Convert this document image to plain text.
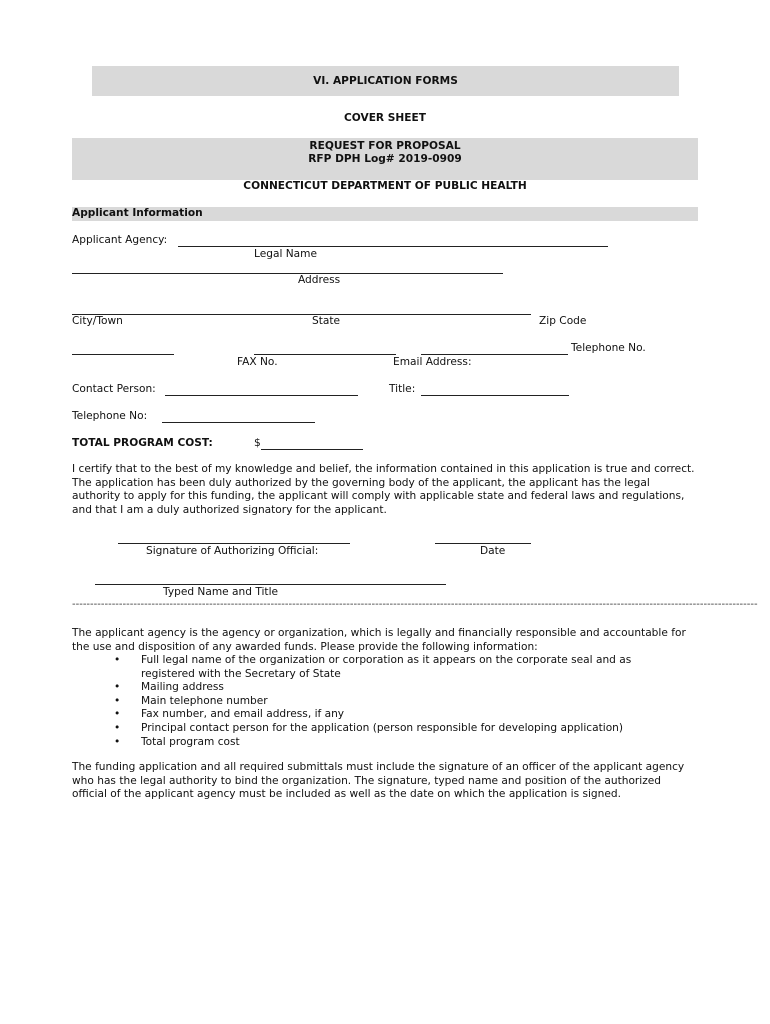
VI. APPLICATION FORMS
COVER SHEET
REQUEST FOR PROPOSAL
RFP DPH Log# 2019-0909
CONNECTICUT DEPARTMENT OF PUBLIC HEALTH
Applicant Information
Applicant Agency:
Legal Name
Address
City/Town	State	Zip Code
Telephone No.
FAX No.	Email Address:
Contact Person:	Title:
Telephone No:
TOTAL PROGRAM COST:	$
I certify that to the best of my knowledge and belief, the information contained in this application is true and correct. The application has been duly authorized by the governing body of the applicant, the applicant has the legal authority to apply for this funding, the applicant will comply with applicable state and federal laws and regulations, and that I am a duly authorized signatory for the applicant.
Signature of Authorizing Official:	Date
Typed Name and Title
----------------------------------------------------------------------------------------------------------------------------------------------------------------------------------------------
The applicant agency is the agency or organization, which is legally and financially responsible and accountable for the use and disposition of any awarded funds. Please provide the following information:
• Full legal name of the organization or corporation as it appears on the corporate seal and as registered with the Secretary of State
• Mailing address
• Main telephone number
• Fax number, and email address, if any
• Principal contact person for the application (person responsible for developing application)
• Total program cost
The funding application and all required submittals must include the signature of an officer of the applicant agency who has the legal authority to bind the organization. The signature, typed name and position of the authorized official of the applicant agency must be included as well as the date on which the application is signed.
